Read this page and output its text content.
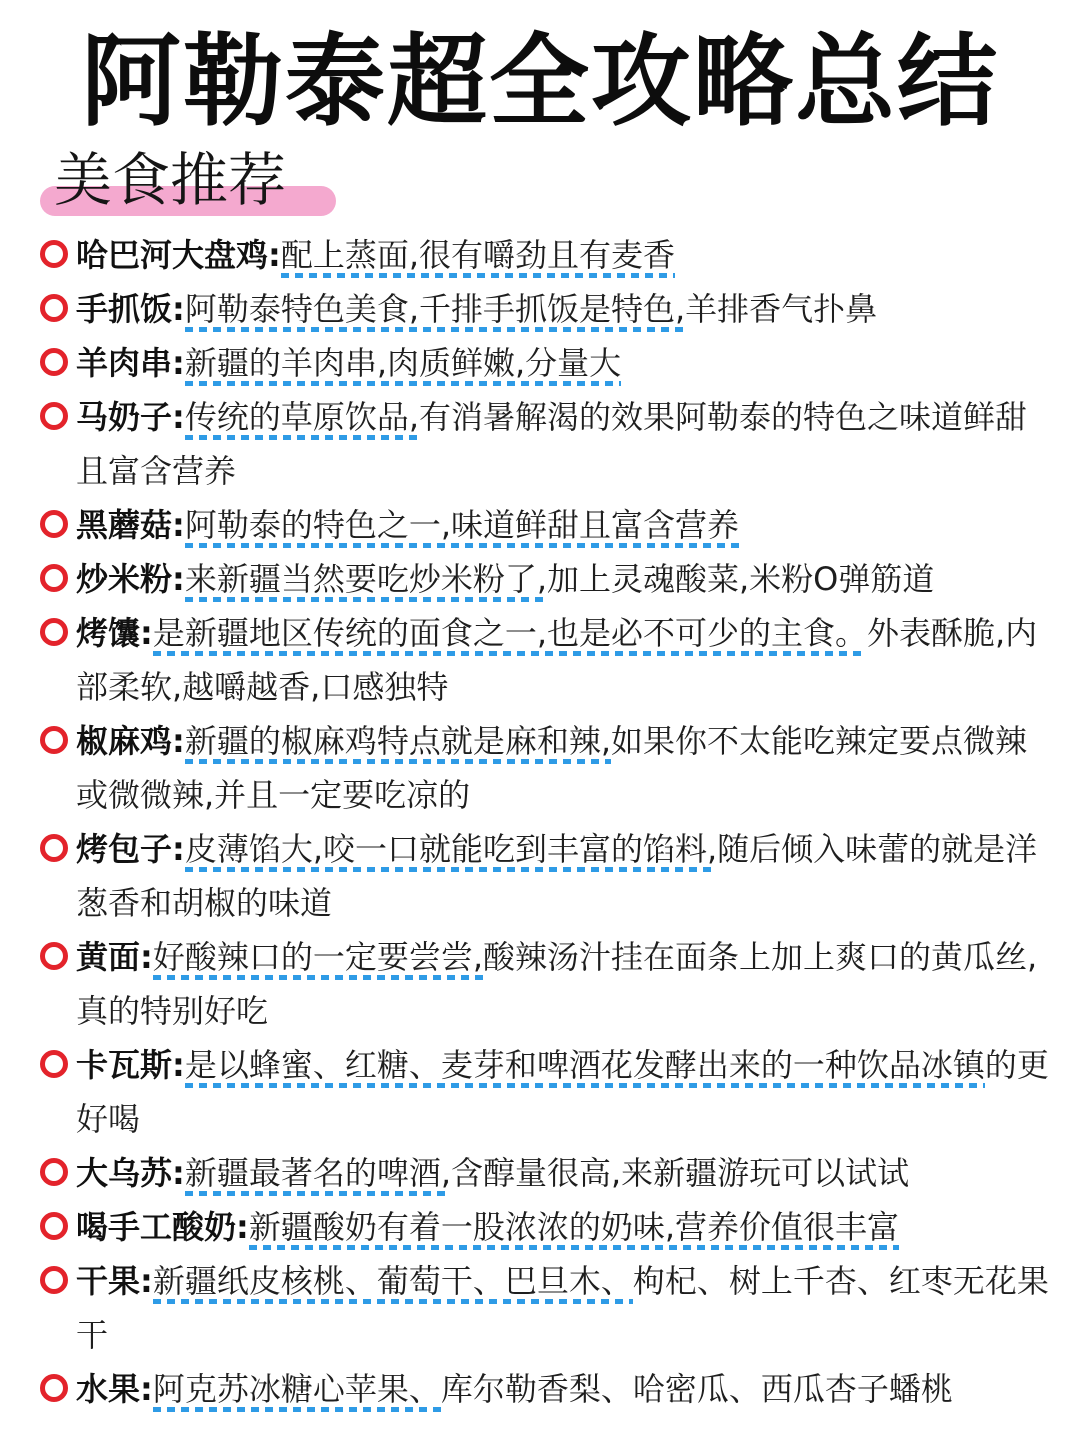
阿勒泰超全攻略总结
美食推荐
哈巴河大盘鸡:配上蒸面,很有嚼劲且有麦香
手抓饭:阿勒泰特色美食,千排手抓饭是特色,羊排香气扑鼻
羊肉串:新疆的羊肉串,肉质鲜嫩,分量大
马奶子:传统的草原饮品,有消暑解渴的效果阿勒泰的特色之味道鲜甜且富含营养
黑蘑菇:阿勒泰的特色之一,味道鲜甜且富含营养
炒米粉:来新疆当然要吃炒米粉了,加上灵魂酸菜,米粉O弹筋道
烤馕:是新疆地区传统的面食之一,也是必不可少的主食。外表酥脆,内部柔软,越嚼越香,口感独特
椒麻鸡:新疆的椒麻鸡特点就是麻和辣,如果你不太能吃辣定要点微辣或微微辣,并且一定要吃凉的
烤包子:皮薄馅大,咬一口就能吃到丰富的馅料,随后倾入味蕾的就是洋葱香和胡椒的味道
黄面:好酸辣口的一定要尝尝,酸辣汤汁挂在面条上加上爽口的黄瓜丝,真的特别好吃
卡瓦斯:是以蜂蜜、红糖、麦芽和啤酒花发酵出来的一种饮品冰镇的更好喝
大乌苏:新疆最著名的啤酒,含醇量很高,来新疆游玩可以试试
喝手工酸奶:新疆酸奶有着一股浓浓的奶味,营养价值很丰富
干果:新疆纸皮核桃、葡萄干、巴旦木、枸杞、树上千杏、红枣无花果干
水果:阿克苏冰糖心苹果、库尔勒香梨、哈密瓜、西瓜杏子蟠桃
